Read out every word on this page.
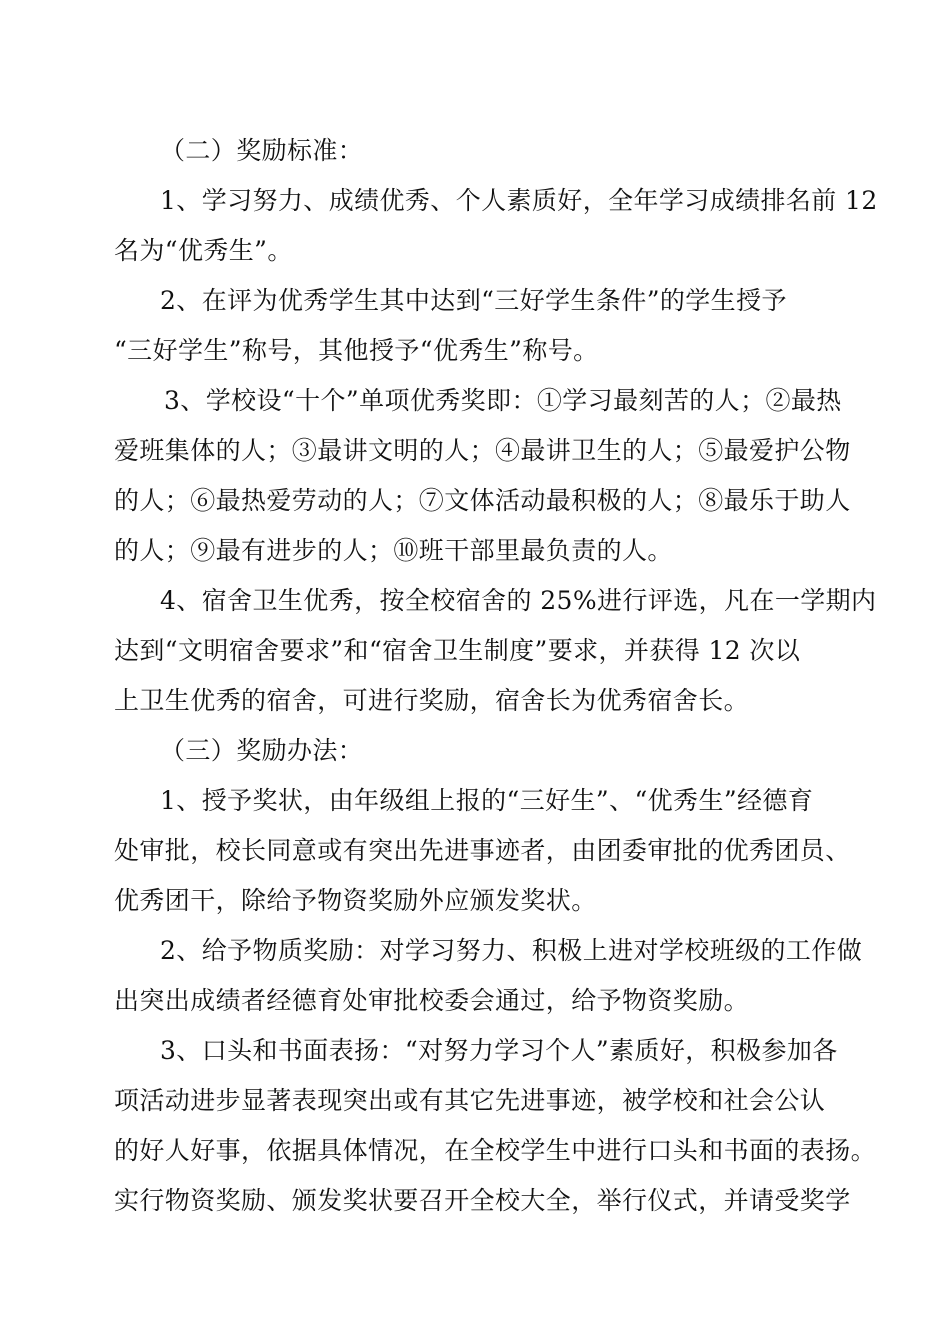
（二）奖励标准：

1、学习努力、成绩优秀、个人素质好，全年学习成绩排名前 12

名为“优秀生”。

2、在评为优秀学生其中达到“三好学生条件”的学生授予

“三好学生”称号，其他授予“优秀生”称号。

3、学校设“十个”单项优秀奖即：①学习最刻苦的人；②最热

爱班集体的人；③最讲文明的人；④最讲卫生的人；⑤最爱护公物

的人；⑥最热爱劳动的人；⑦文体活动最积极的人；⑧最乐于助人

的人；⑨最有进步的人；⑩班干部里最负责的人。

4、宿舍卫生优秀，按全校宿舍的 25%进行评选，凡在一学期内

达到“文明宿舍要求”和“宿舍卫生制度”要求，并获得 12 次以

上卫生优秀的宿舍，可进行奖励，宿舍长为优秀宿舍长。

（三）奖励办法：

1、授予奖状，由年级组上报的“三好生”、“优秀生”经德育

处审批，校长同意或有突出先进事迹者，由团委审批的优秀团员、

优秀团干，除给予物资奖励外应颁发奖状。

2、给予物质奖励：对学习努力、积极上进对学校班级的工作做

出突出成绩者经德育处审批校委会通过，给予物资奖励。

3、口头和书面表扬：“对努力学习个人”素质好，积极参加各

项活动进步显著表现突出或有其它先进事迹，被学校和社会公认

的好人好事，依据具体情况，在全校学生中进行口头和书面的表扬。

实行物资奖励、颁发奖状要召开全校大全，举行仪式，并请受奖学
